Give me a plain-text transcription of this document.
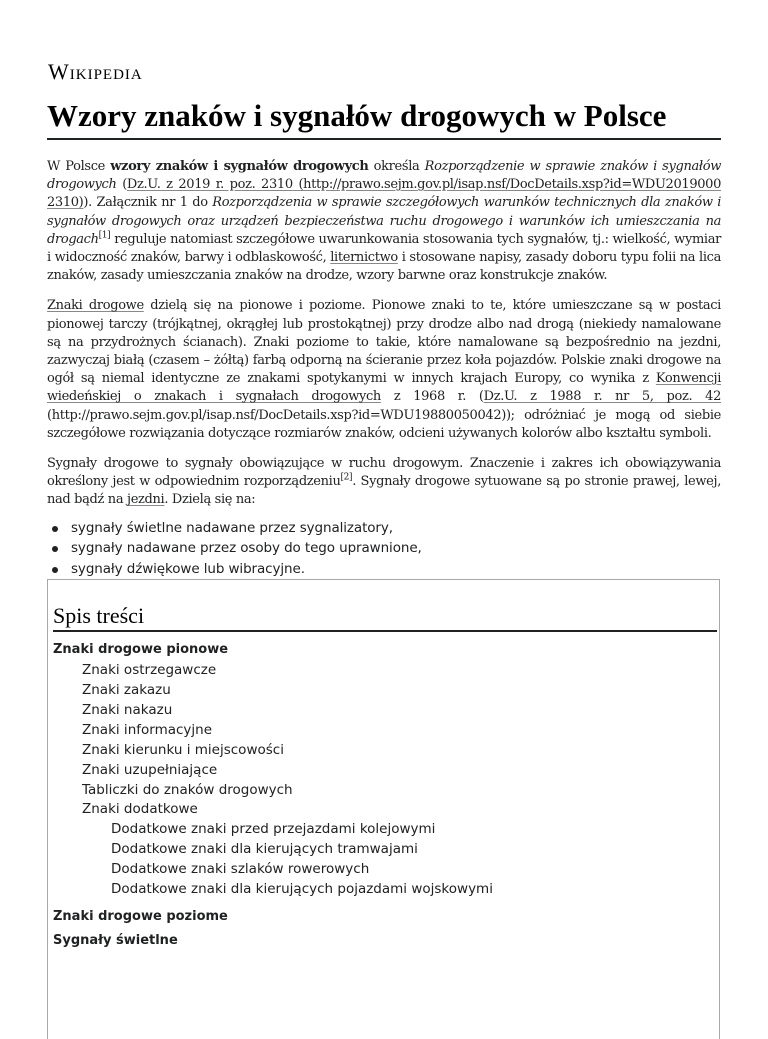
Wikipedia
Wzory znaków i sygnałów drogowych w Polsce

W Polsce wzory znaków i sygnałów drogowych określa Rozporządzenie w sprawie znaków i sygnałów drogowych (Dz.U. z 2019 r. poz. 2310 (http://prawo.sejm.gov.pl/isap.nsf/DocDetails.xsp?id=WDU2019000 2310)). Załącznik nr 1 do Rozporządzenia w sprawie szczegółowych warunków technicznych dla znaków i sygnałów drogowych oraz urządzeń bezpieczeństwa ruchu drogowego i warunków ich umieszczania na drogach[1] reguluje natomiast szczegółowe uwarunkowania stosowania tych sygnałów, tj.: wielkość, wymiar i widoczność znaków, barwy i odblaskowość, liternictwo i stosowane napisy, zasady doboru typu folii na lica znaków, zasady umieszczania znaków na drodze, wzory barwne oraz konstrukcje znaków.

Znaki drogowe dzielą się na pionowe i poziome. Pionowe znaki to te, które umieszczane są w postaci pionowej tarczy (trójkątnej, okrągłej lub prostokątnej) przy drodze albo nad drogą (niekiedy namalowane są na przydrożnych ścianach). Znaki poziome to takie, które namalowane są bezpośrednio na jezdni, zazwyczaj białą (czasem – żółtą) farbą odporną na ścieranie przez koła pojazdów. Polskie znaki drogowe na ogół są niemal identyczne ze znakami spotykanymi w innych krajach Europy, co wynika z Konwencji wiedeńskiej o znakach i sygnałach drogowych z 1968 r. (Dz.U. z 1988 r. nr 5, poz. 42 (http://prawo.sejm.gov.pl/isap.nsf/DocDetails.xsp?id=WDU19880050042)); odróżniać je mogą od siebie szczegółowe rozwiązania dotyczące rozmiarów znaków, odcieni używanych kolorów albo kształtu symboli.

Sygnały drogowe to sygnały obowiązujące w ruchu drogowym. Znaczenie i zakres ich obowiązywania określony jest w odpowiednim rozporządzeniu[2]. Sygnały drogowe sytuowane są po stronie prawej, lewej, nad bądź na jezdni. Dzielą się na:

sygnały świetlne nadawane przez sygnalizatory,
sygnały nadawane przez osoby do tego uprawnione,
sygnały dźwiękowe lub wibracyjne.
Spis treści
Znaki drogowe pionowe
Znaki ostrzegawcze
Znaki zakazu
Znaki nakazu
Znaki informacyjne
Znaki kierunku i miejscowości
Znaki uzupełniające
Tabliczki do znaków drogowych
Znaki dodatkowe
Dodatkowe znaki przed przejazdami kolejowymi
Dodatkowe znaki dla kierujących tramwajami
Dodatkowe znaki szlaków rowerowych
Dodatkowe znaki dla kierujących pojazdami wojskowymi
Znaki drogowe poziome
Sygnały świetlne
